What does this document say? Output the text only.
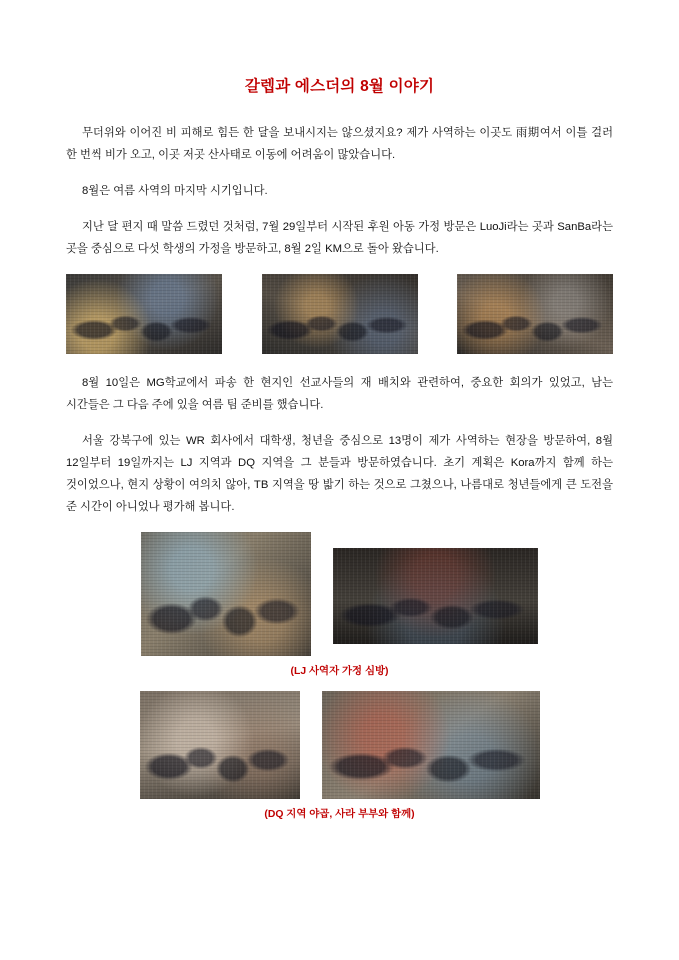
갈렙과 에스더의 8월 이야기

무더위와 이어진 비 피해로 힘든 한 달을 보내시지는 않으셨지요? 제가 사역하는 이곳도 雨期여서 이틀 걸러 한 번씩 비가 오고, 이곳 저곳 산사태로 이동에 어려움이 많았습니다.

8월은 여름 사역의 마지막 시기입니다.

지난 달 편지 때 말씀 드렸던 것처럼, 7월 29일부터 시작된 후원 아동 가정 방문은 LuoJi라는 곳과 SanBa라는 곳을 중심으로 다섯 학생의 가정을 방문하고, 8월 2일 KM으로 돌아 왔습니다.

8월 10일은 MG학교에서 파송 한 현지인 선교사들의 재 배치와 관련하여, 중요한 회의가 있었고, 남는 시간들은 그 다음 주에 있을 여름 팀 준비를 했습니다.

서울 강북구에 있는 WR 회사에서 대학생, 청년을 중심으로 13명이 제가 사역하는 현장을 방문하여, 8월 12일부터 19일까지는 LJ 지역과 DQ 지역을 그 분들과 방문하였습니다. 초기 계획은 Kora까지 함께 하는 것이었으나, 현지 상황이 여의치 않아, TB 지역을 땅 밟기 하는 것으로 그쳤으나, 나름대로 청년들에게 큰 도전을 준 시간이 아니었나 평가해 봅니다.

(LJ 사역자 가정 심방)
(DQ 지역 야곱, 사라 부부와 함께)
